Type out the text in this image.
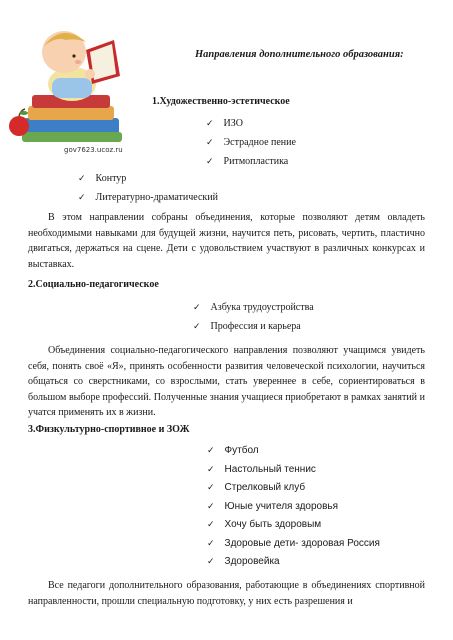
gov7623.ucoz.ru
Направления дополнительного образования:
1.Художественно-эстетическое
✓ ИЗО
✓ Эстрадное пение
✓ Ритмопластика
✓ Контур
✓ Литературно-драматический

В этом направлении собраны объединения, которые позволяют детям овладеть необходимыми навыками для будущей жизни, научится петь, рисовать, чертить, пластично двигаться, держаться на сцене. Дети с удовольствием участвуют в различных конкурсах и выставках.

2.Социально-педагогическое
✓ Азбука трудоустройства
✓ Профессия и карьера

Объединения социально-педагогического направления позволяют учащимся увидеть себя, понять своё «Я», принять особенности развития человеческой психологии, научиться общаться со сверстниками, со взрослыми, стать увереннее в себе, сориентироваться в большом выборе профессий. Полученные знания учащиеся приобретают в рамках занятий и учатся применять их в жизни.

3.Физкультурно-спортивное и ЗОЖ
✓ Футбол
✓ Настольный теннис
✓ Стрелковый клуб
✓ Юные учителя здоровья
✓ Хочу быть здоровым
✓ Здоровые дети- здоровая Россия
✓ Здоровейка

Все педагоги дополнительного образования, работающие в объединениях спортивной направленности, прошли специальную подготовку, у них есть разрешения и
